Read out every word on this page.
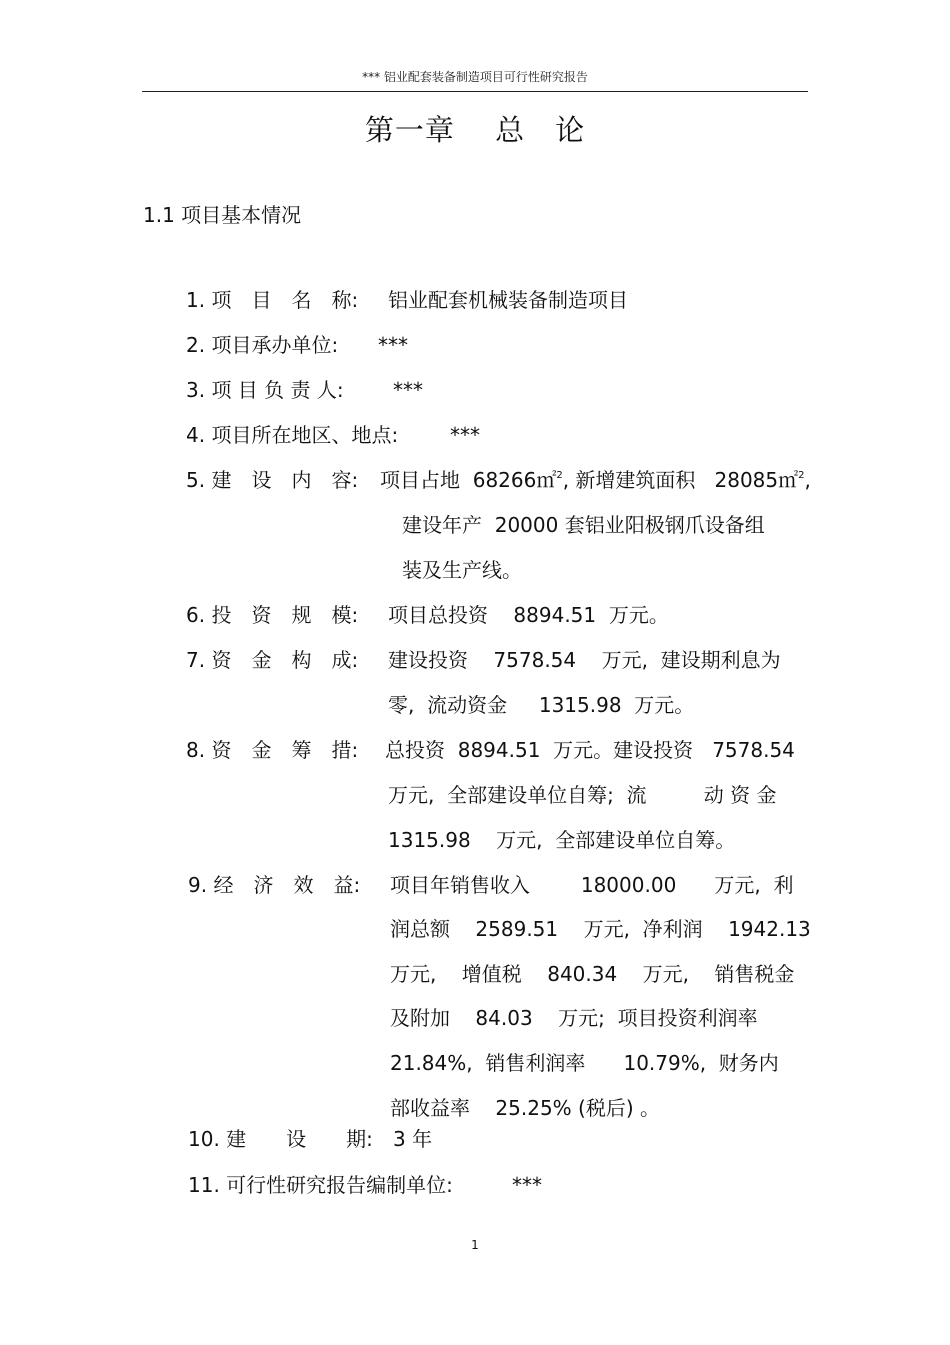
*** 铝业配套装备制造项目可行性研究报告
第一章　 总　论
1.1 项目基本情况
1. 项　目　名　称: 铝业配套机械装备制造项目
2. 项目承办单位: ***
3. 项 目 负 责 人: ***
4. 项目所在地区、地点:	***
5. 建　设　内　容: 项目占地  68266㎡$^2$, 新增建筑面积   28085㎡$^2$,
建设年产  20000 套铝业阳极钢爪设备组
装及生产线。
6. 投　资　规　模: 项目总投资    8894.51  万元。
7. 资　金　构　成: 建设投资    7578.54    万元,  建设期利息为
零,  流动资金     1315.98  万元。
8. 资　金　筹　措: 总投资  8894.51  万元。建设投资   7578.54
万元,  全部建设单位自筹;  流         动 资 金
1315.98    万元,  全部建设单位自筹。
9. 经　济　效　益: 项目年销售收入        18000.00      万元,  利
润总额    2589.51    万元,  净利润    1942.13
万元,    增值税    840.34    万元,    销售税金
及附加    84.03    万元;  项目投资利润率
21.84%,  销售利润率      10.79%,  财务内
部收益率    25.25% (税后) 。
10. 建　　设　　期: 3 年
11. 可行性研究报告编制单位:	***
1
